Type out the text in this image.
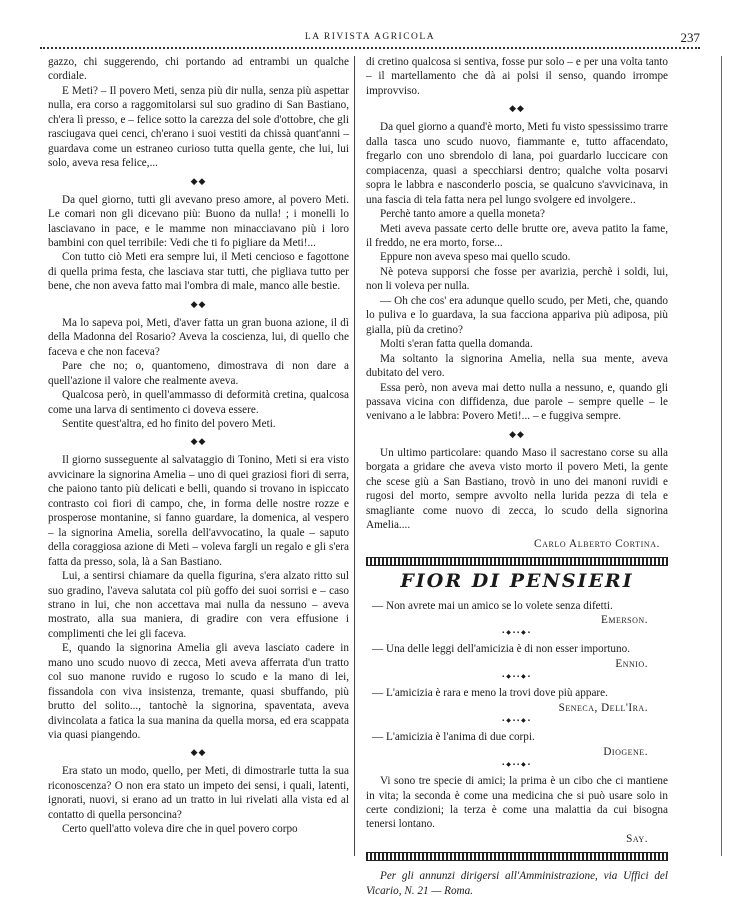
LA RIVISTA AGRICOLA	237

gazzo, chi suggerendo, chi portando ad entrambi un qualche cordiale.

E Meti? – Il povero Meti, senza più dir nulla, senza più aspettar nulla, era corso a raggomitolarsi sul suo gradino di San Bastiano, ch'era lì presso, e – felice sotto la carezza del sole d'ottobre, che gli rasciugava quei cenci, ch'erano i suoi vestiti da chissà quant'anni – guardava come un estraneo curioso tutta quella gente, che lui, lui solo, aveva resa felice,...

◆◆

Da quel giorno, tutti gli avevano preso amore, al povero Meti. Le comari non gli dicevano più: Buono da nulla! ; i monelli lo lasciavano in pace, e le mamme non minacciavano più i loro bambini con quel terribile: Vedi che ti fo pigliare da Meti!...

Con tutto ciò Meti era sempre lui, il Meti cencioso e fagottone di quella prima festa, che lasciava star tutti, che pigliava tutto per bene, che non aveva fatto mai l'ombra di male, manco alle bestie.

◆◆

Ma lo sapeva poi, Meti, d'aver fatta un gran buona azione, il dì della Madonna del Rosario? Aveva la coscienza, lui, di quello che faceva e che non faceva?

Pare che no; o, quantomeno, dimostrava di non dare a quell'azione il valore che realmente aveva.

Qualcosa però, in quell'ammasso di deformità cretina, qualcosa come una larva di sentimento ci doveva essere.

Sentite quest'altra, ed ho finito del povero Meti.

◆◆

Il giorno susseguente al salvataggio di Tonino, Meti si era visto avvicinare la signorina Amelia – uno di quei graziosi fiori di serra, che paiono tanto più delicati e belli, quando si trovano in ispiccato contrasto coi fiori di campo, che, in forma delle nostre rozze e prosperose montanine, si fanno guardare, la domenica, al vespero – la signorina Amelia, sorella dell'avvocatino, la quale – saputo della coraggiosa azione di Meti – voleva fargli un regalo e gli s'era fatta da presso, sola, là a San Bastiano.

Lui, a sentirsi chiamare da quella figurina, s'era alzato ritto sul suo gradino, l'aveva salutata col più goffo dei suoi sorrisi e – caso strano in lui, che non accettava mai nulla da nessuno – aveva mostrato, alla sua maniera, di gradire con vera effusione i complimenti che lei gli faceva.

E, quando la signorina Amelia gli aveva lasciato cadere in mano uno scudo nuovo di zecca, Meti aveva afferrata d'un tratto col suo manone ruvido e rugoso lo scudo e la mano di lei, fissandola con viva insistenza, tremante, quasi sbuffando, più brutto del solito..., tantochè la signorina, spaventata, aveva divincolata a fatica la sua manina da quella morsa, ed era scappata via quasi piangendo.

◆◆

Era stato un modo, quello, per Meti, di dimostrarle tutta la sua riconoscenza? O non era stato un impeto dei sensi, i quali, latenti, ignorati, nuovi, si erano ad un tratto in lui rivelati alla vista ed al contatto di quella personcina?

Certo quell'atto voleva dire che in quel povero corpo

di cretino qualcosa si sentiva, fosse pur solo – e per una volta tanto – il martellamento che dà ai polsi il senso, quando irrompe improvviso.

◆◆

Da quel giorno a quand'è morto, Meti fu visto spessissimo trarre dalla tasca uno scudo nuovo, fiammante e, tutto affacendato, fregarlo con uno sbrendolo di lana, poi guardarlo luccicare con compiacenza, quasi a specchiarsi dentro; qualche volta posarvi sopra le labbra e nasconderlo poscia, se qualcuno s'avvicinava, in una fascia di tela fatta nera pel lungo svolgere ed involgere..

Perchè tanto amore a quella moneta?

Meti aveva passate certo delle brutte ore, aveva patito la fame, il freddo, ne era morto, forse...

Eppure non aveva speso mai quello scudo.

Nè poteva supporsi che fosse per avarizia, perchè i soldi, lui, non li voleva per nulla.

— Oh che cos' era adunque quello scudo, per Meti, che, quando lo puliva e lo guardava, la sua facciona appariva più adiposa, più gialla, più da cretino?

Molti s'eran fatta quella domanda.

Ma soltanto la signorina Amelia, nella sua mente, aveva dubitato del vero.

Essa però, non aveva mai detto nulla a nessuno, e, quando gli passava vicina con diffidenza, due parole – sempre quelle – le venivano a le labbra: Povero Meti!... – e fuggiva sempre.

◆◆

Un ultimo particolare: quando Maso il sacrestano corse su alla borgata a gridare che aveva visto morto il povero Meti, la gente che scese giù a San Bastiano, trovò in uno dei manoni ruvidi e rugosi del morto, sempre avvolto nella lurida pezza di tela e smagliante come nuovo di zecca, lo scudo della signorina Amelia....

Carlo Alberto Cortina.
FIOR DI PENSIERI

— Non avrete mai un amico se lo volete senza difetti.

Emerson.

▪◆▪▪◆▪

— Una delle leggi dell'amicizia è di non esser importuno.

Ennio.

▪◆▪▪◆▪

— L'amicizia è rara e meno la trovi dove più appare.

Seneca, Dell'Ira.

▪◆▪▪◆▪

— L'amicizia è l'anima di due corpi.

Diogene.

▪◆▪▪◆▪

Vi sono tre specie di amici; la prima è un cibo che ci mantiene in vita; la seconda è come una medicina che si può usare solo in certe condizioni; la terza è come una malattia da cui bisogna tenersi lontano.

Say.

Per gli annunzi dirigersi all'Amministrazione, via Uffici del Vicario, N. 21 — Roma.
